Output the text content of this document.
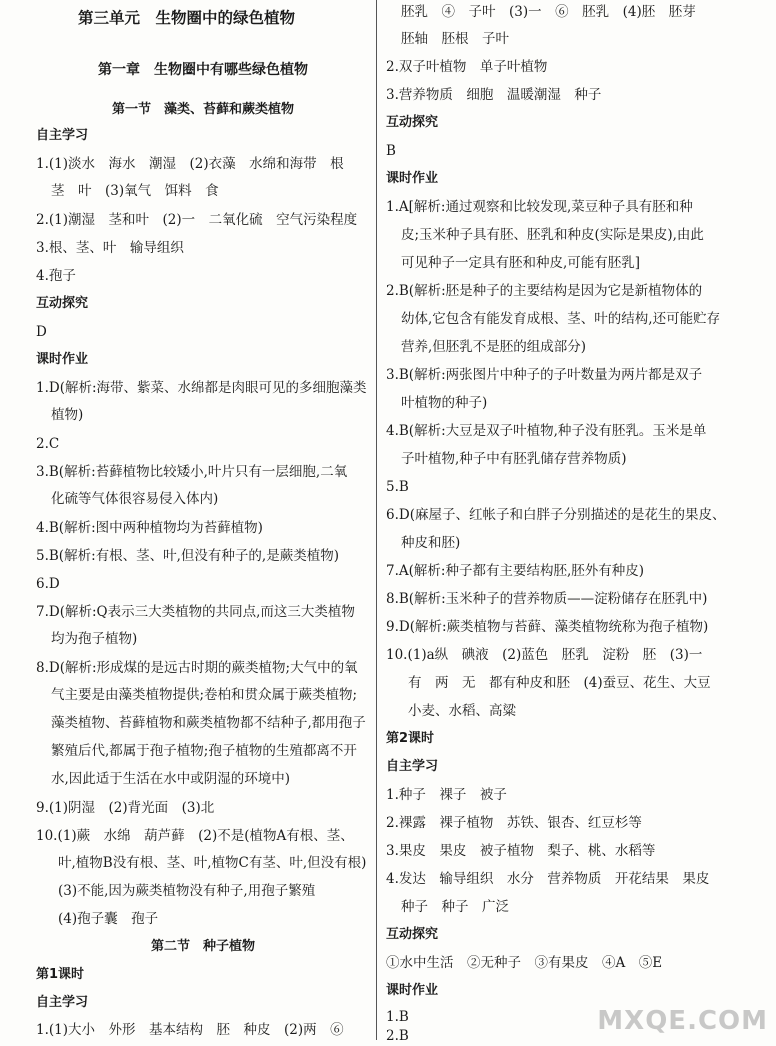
第三单元　生物圈中的绿色植物
第一章　生物圈中有哪些绿色植物
第一节　藻类、苔藓和蕨类植物
自主学习
1.(1)淡水　海水　潮湿　(2)衣藻　水绵和海带　根
茎　叶　(3)氧气　饵料　食
2.(1)潮湿　茎和叶　(2)一　二氧化硫　空气污染程度
3.根、茎、叶　输导组织
4.孢子
互动探究
D
课时作业
1.D(解析:海带、紫菜、水绵都是肉眼可见的多细胞藻类
植物)
2.C
3.B(解析:苔藓植物比较矮小,叶片只有一层细胞,二氧
化硫等气体很容易侵入体内)
4.B(解析:图中两种植物均为苔藓植物)
5.B(解析:有根、茎、叶,但没有种子的,是蕨类植物)
6.D
7.D(解析:Q表示三大类植物的共同点,而这三大类植物
均为孢子植物)
8.D(解析:形成煤的是远古时期的蕨类植物;大气中的氧
气主要是由藻类植物提供;卷柏和贯众属于蕨类植物;
藻类植物、苔藓植物和蕨类植物都不结种子,都用孢子
繁殖后代,都属于孢子植物;孢子植物的生殖都离不开
水,因此适于生活在水中或阴湿的环境中)
9.(1)阴湿　(2)背光面　(3)北
10.(1)蕨　水绵　葫芦藓　(2)不是(植物A有根、茎、
叶,植物B没有根、茎、叶,植物C有茎、叶,但没有根)
(3)不能,因为蕨类植物没有种子,用孢子繁殖
(4)孢子囊　孢子
第二节　种子植物
第1课时
自主学习
1.(1)大小　外形　基本结构　胚　种皮　(2)两　⑥
胚乳　④　子叶　(3)一　⑥　胚乳　(4)胚　胚芽
胚轴　胚根　子叶
2.双子叶植物　单子叶植物
3.营养物质　细胞　温暖潮湿　种子
互动探究
B
课时作业
1.A[解析:通过观察和比较发现,菜豆种子具有胚和种
皮;玉米种子具有胚、胚乳和种皮(实际是果皮),由此
可见种子一定具有胚和种皮,可能有胚乳]
2.B(解析:胚是种子的主要结构是因为它是新植物体的
幼体,它包含有能发育成根、茎、叶的结构,还可能贮存
营养,但胚乳不是胚的组成部分)
3.B(解析:两张图片中种子的子叶数量为两片都是双子
叶植物的种子)
4.B(解析:大豆是双子叶植物,种子没有胚乳。玉米是单
子叶植物,种子中有胚乳储存营养物质)
5.B
6.D(麻屋子、红帐子和白胖子分别描述的是花生的果皮、
种皮和胚)
7.A(解析:种子都有主要结构胚,胚外有种皮)
8.B(解析:玉米种子的营养物质——淀粉储存在胚乳中)
9.D(解析:蕨类植物与苔藓、藻类植物统称为孢子植物)
10.(1)a纵　碘液　(2)蓝色　胚乳　淀粉　胚　(3)一
有　两　无　都有种皮和胚　(4)蚕豆、花生、大豆
小麦、水稻、高粱
第2课时
自主学习
1.种子　裸子　被子
2.裸露　裸子植物　苏铁、银杏、红豆杉等
3.果皮　果皮　被子植物　梨子、桃、水稻等
4.发达　输导组织　水分　营养物质　开花结果　果皮
种子　种子　广泛
互动探究
①水中生活　②无种子　③有果皮　④A　⑤E
课时作业
1.B
2.B	MXQE.COM
